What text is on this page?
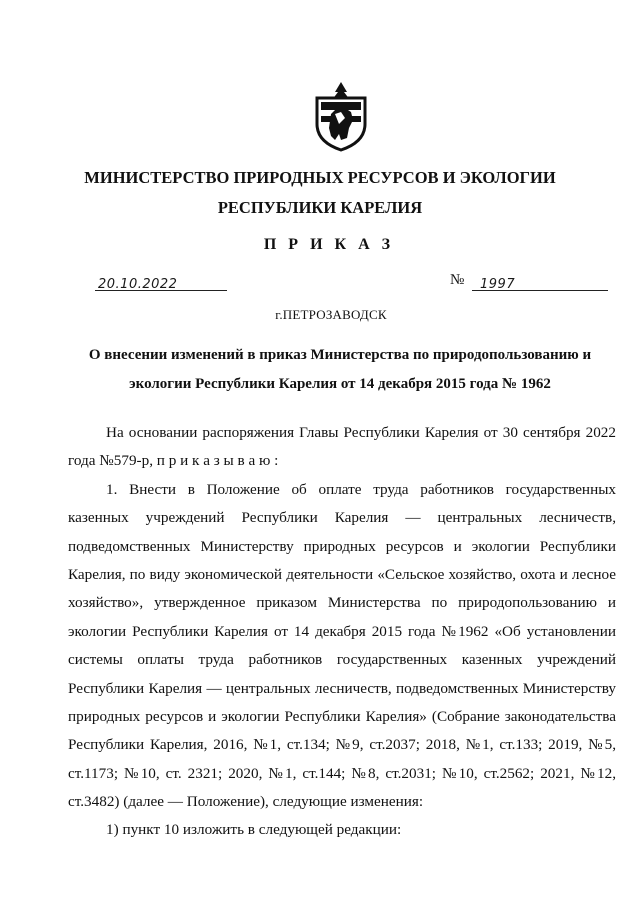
МИНИСТЕРСТВО ПРИРОДНЫХ РЕСУРСОВ И ЭКОЛОГИИ
РЕСПУБЛИКИ КАРЕЛИЯ
П Р И К А З
20.10.2022	№ 1997
г.ПЕТРОЗАВОДСК
О внесении изменений в приказ Министерства по природопользованию и
экологии Республики Карелия от 14 декабря 2015 года № 1962
На основании распоряжения Главы Республики Карелия от 30 сентября 2022
года №579-р, п р и к а з ы в а ю :
1. Внести в Положение об оплате труда работников государственных
казенных учреждений Республики Карелия — центральных лесничеств,
подведомственных Министерству природных ресурсов и экологии Республики
Карелия, по виду экономической деятельности «Сельское хозяйство, охота и лесное
хозяйство», утвержденное приказом Министерства по природопользованию и
экологии Республики Карелия от 14 декабря 2015 года №1962 «Об установлении
системы оплаты труда работников государственных казенных учреждений
Республики Карелия — центральных лесничеств, подведомственных Министерству
природных ресурсов и экологии Республики Карелия» (Собрание законодательства
Республики Карелия, 2016, №1, ст.134; №9, ст.2037; 2018, №1, ст.133; 2019, №5,
ст.1173; №10, ст. 2321; 2020, №1, ст.144; №8, ст.2031; №10, ст.2562; 2021, №12,
ст.3482) (далее — Положение), следующие изменения:
1) пункт 10 изложить в следующей редакции:
